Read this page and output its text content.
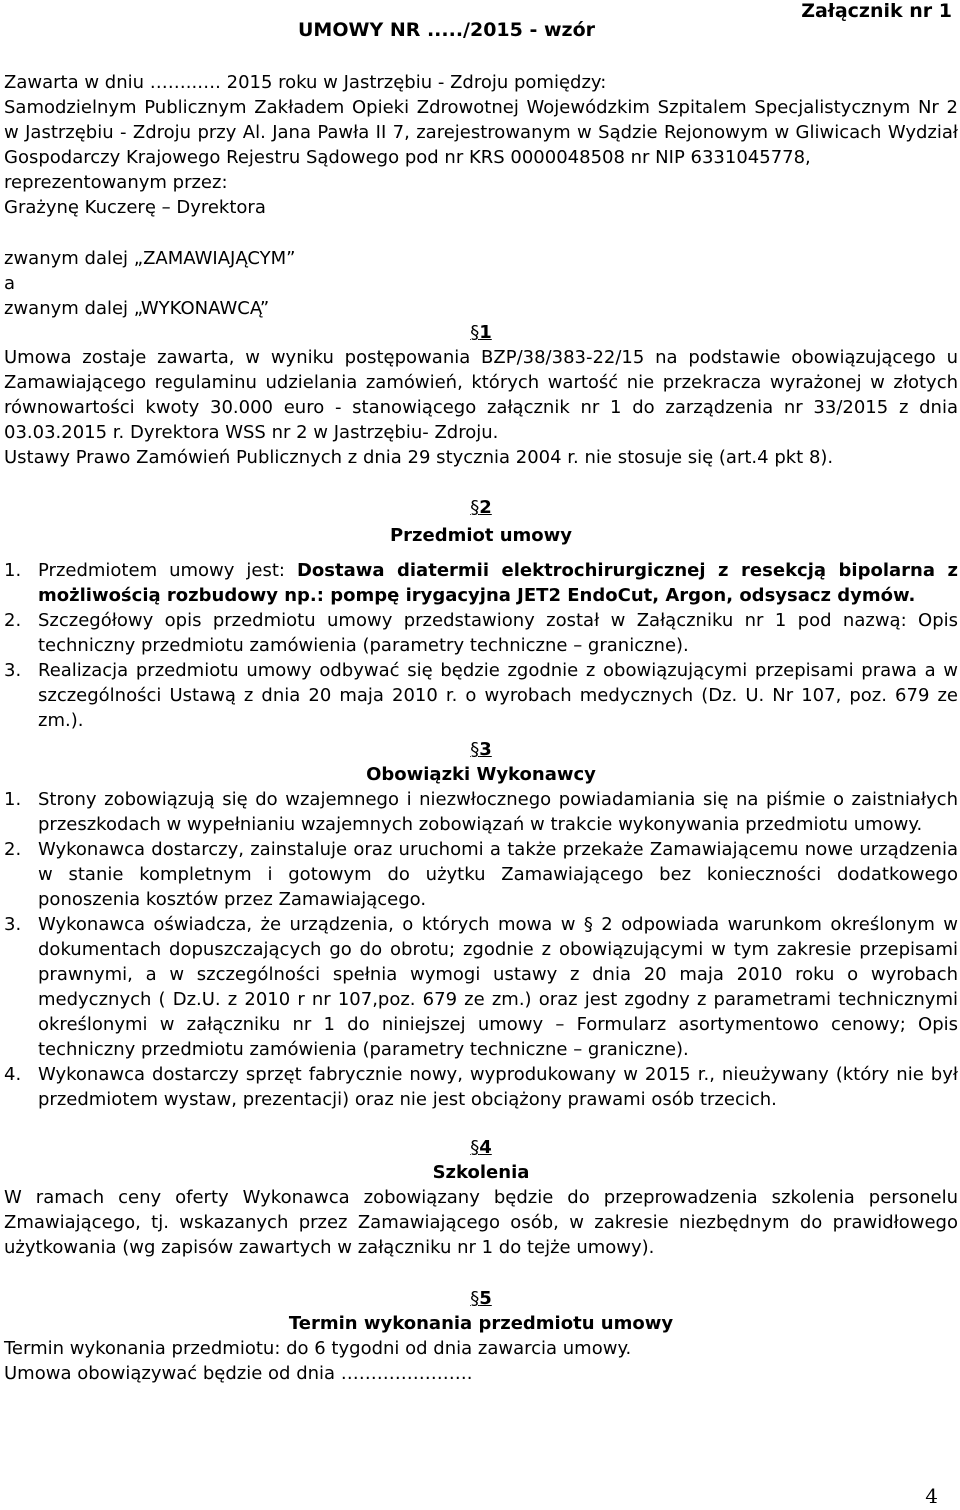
UMOWY NR ...../2015 - wzór
Załącznik nr 1

Zawarta w dniu ……..…. 2015 roku w Jastrzębiu - Zdroju pomiędzy:

Samodzielnym Publicznym Zakładem Opieki Zdrowotnej Wojewódzkim Szpitalem Specjalistycznym Nr 2 w Jastrzębiu - Zdroju przy Al. Jana Pawła II 7, zarejestrowanym w Sądzie Rejonowym w Gliwicach Wydział Gospodarczy Krajowego Rejestru Sądowego pod nr KRS 0000048508 nr NIP 6331045778,

reprezentowanym przez:

Grażynę Kuczerę – Dyrektora

zwanym dalej „ZAMAWIAJĄCYM”

a

zwanym dalej „WYKONAWCĄ”

§1

Umowa zostaje zawarta, w wyniku postępowania BZP/38/383-22/15 na podstawie obowiązującego u Zamawiającego regulaminu udzielania zamówień, których wartość nie przekracza wyrażonej w złotych równowartości kwoty 30.000 euro - stanowiącego załącznik nr 1 do zarządzenia nr 33/2015 z dnia 03.03.2015 r. Dyrektora WSS nr 2 w Jastrzębiu- Zdroju.

Ustawy Prawo Zamówień Publicznych z dnia 29 stycznia 2004 r. nie stosuje się (art.4 pkt 8).

§2
Przedmiot umowy
1. Przedmiotem umowy jest: Dostawa diatermii elektrochirurgicznej z resekcją bipolarna z możliwością rozbudowy np.: pompę irygacyjna JET2 EndoCut, Argon, odsysacz dymów.
2. Szczegółowy opis przedmiotu umowy przedstawiony został w Załączniku nr 1 pod nazwą: Opis techniczny przedmiotu zamówienia (parametry techniczne – graniczne).
3. Realizacja przedmiotu umowy odbywać się będzie zgodnie z obowiązującymi przepisami prawa a w szczególności Ustawą z dnia 20 maja 2010 r. o wyrobach medycznych (Dz. U. Nr 107, poz. 679 ze zm.).
§3
Obowiązki Wykonawcy
1. Strony zobowiązują się do wzajemnego i niezwłocznego powiadamiania się na piśmie o zaistniałych przeszkodach w wypełnianiu wzajemnych zobowiązań w trakcie wykonywania przedmiotu umowy.
2. Wykonawca dostarczy, zainstaluje oraz uruchomi a także przekaże Zamawiającemu nowe urządzenia w stanie kompletnym i gotowym do użytku Zamawiającego bez konieczności dodatkowego ponoszenia kosztów przez Zamawiającego.
3. Wykonawca oświadcza, że urządzenia, o których mowa w § 2 odpowiada warunkom określonym w dokumentach dopuszczających go do obrotu; zgodnie z obowiązującymi w tym zakresie przepisami prawnymi, a w szczególności spełnia wymogi ustawy z dnia 20 maja 2010 roku o wyrobach medycznych ( Dz.U. z 2010 r nr 107,poz. 679 ze zm.) oraz jest zgodny z parametrami technicznymi określonymi w załączniku nr 1 do niniejszej umowy – Formularz asortymentowo cenowy; Opis techniczny przedmiotu zamówienia (parametry techniczne – graniczne).
4. Wykonawca dostarczy sprzęt fabrycznie nowy, wyprodukowany w 2015 r., nieużywany (który nie był przedmiotem wystaw, prezentacji) oraz nie jest obciążony prawami osób trzecich.
§4
Szkolenia

W ramach ceny oferty Wykonawca zobowiązany będzie do przeprowadzenia szkolenia personelu Zmawiającego, tj. wskazanych przez Zamawiającego osób, w zakresie niezbędnym do prawidłowego użytkowania (wg zapisów zawartych w załączniku nr 1 do tejże umowy).

§5
Termin wykonania przedmiotu umowy

Termin wykonania przedmiotu: do 6 tygodni od dnia zawarcia umowy.

Umowa obowiązywać będzie od dnia ………………….

4
